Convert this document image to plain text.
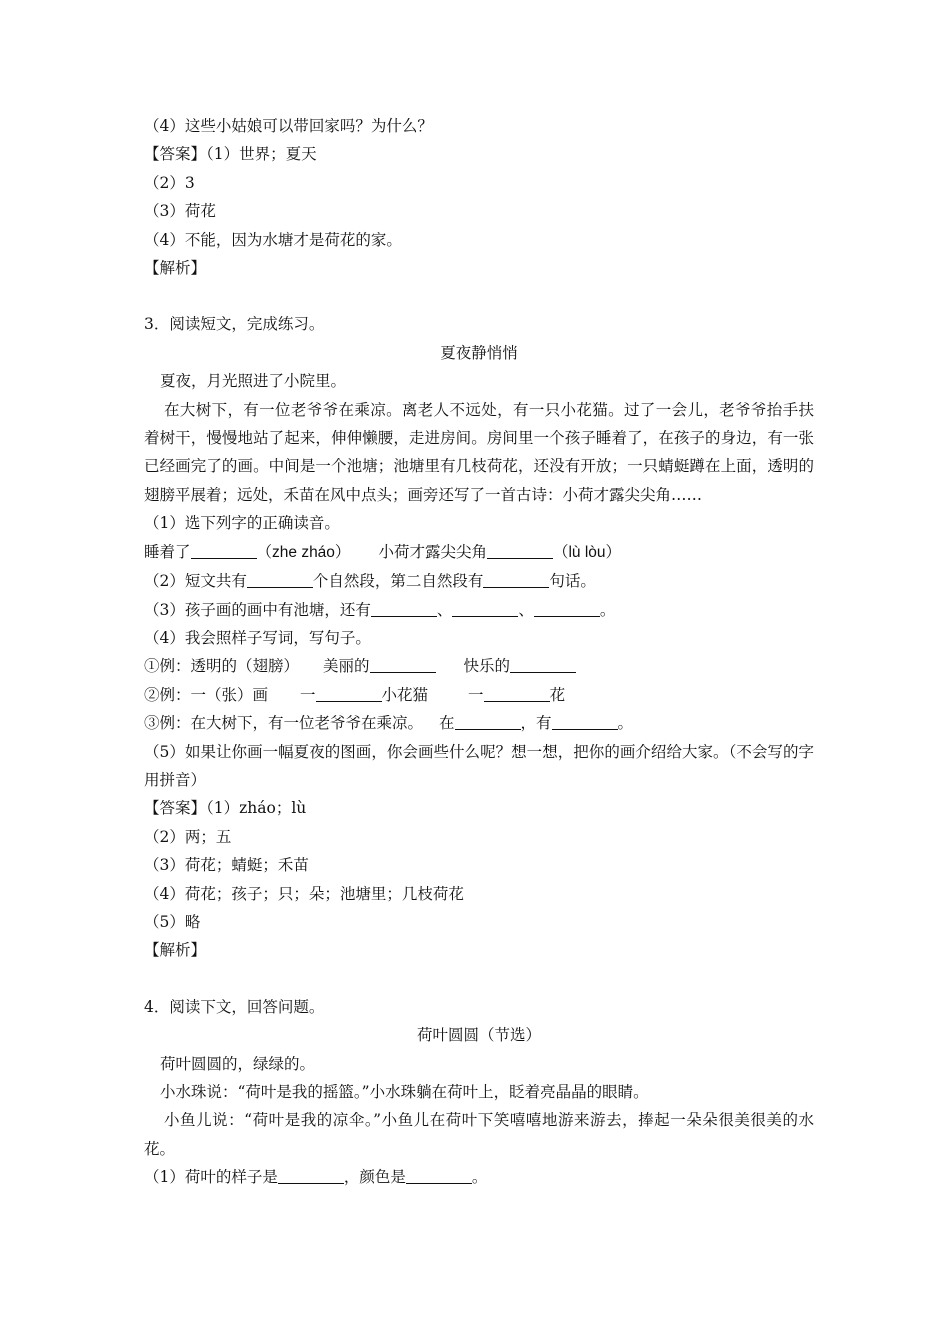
（4）这些小姑娘可以带回家吗？为什么？
【答案】（1）世界；夏天
（2）3
（3）荷花
（4）不能，因为水塘才是荷花的家。
【解析】
3．阅读短文，完成练习。
夏夜静悄悄
夏夜，月光照进了小院里。
在大树下，有一位老爷爷在乘凉。离老人不远处，有一只小花猫。过了一会儿，老爷爷抬手扶着树干，慢慢地站了起来，伸伸懒腰，走进房间。房间里一个孩子睡着了，在孩子的身边，有一张已经画完了的画。中间是一个池塘；池塘里有几枝荷花，还没有开放；一只蜻蜓蹲在上面，透明的翅膀平展着；远处，禾苗在风中点头；画旁还写了一首古诗：小荷才露尖尖角……
（1）选下列字的正确读音。
睡着了	（zhe zháo） 小荷才露尖尖角	（lù lòu）
（2）短文共有	个自然段，第二自然段有	句话。
（3）孩子画的画中有池塘，还有	、	、	。
（4）我会照样子写词，写句子。
①例：透明的（翅膀） 美丽的	快乐的
②例：一（张）画 一	小花猫	一	花
③例：在大树下，有一位老爷爷在乘凉。 在	，有	。
（5）如果让你画一幅夏夜的图画，你会画些什么呢？想一想，把你的画介绍给大家。（不会写的字用拼音）
【答案】（1）zháo；lù
（2）两；五
（3）荷花；蜻蜓；禾苗
（4）荷花；孩子；只；朵；池塘里；几枝荷花
（5）略
【解析】
4．阅读下文，回答问题。
荷叶圆圆（节选）
荷叶圆圆的，绿绿的。
小水珠说：“荷叶是我的摇篮。”小水珠躺在荷叶上，眨着亮晶晶的眼睛。
小鱼儿说：“荷叶是我的凉伞。”小鱼儿在荷叶下笑嘻嘻地游来游去，捧起一朵朵很美很美的水花。
（1）荷叶的样子是	，颜色是	。
